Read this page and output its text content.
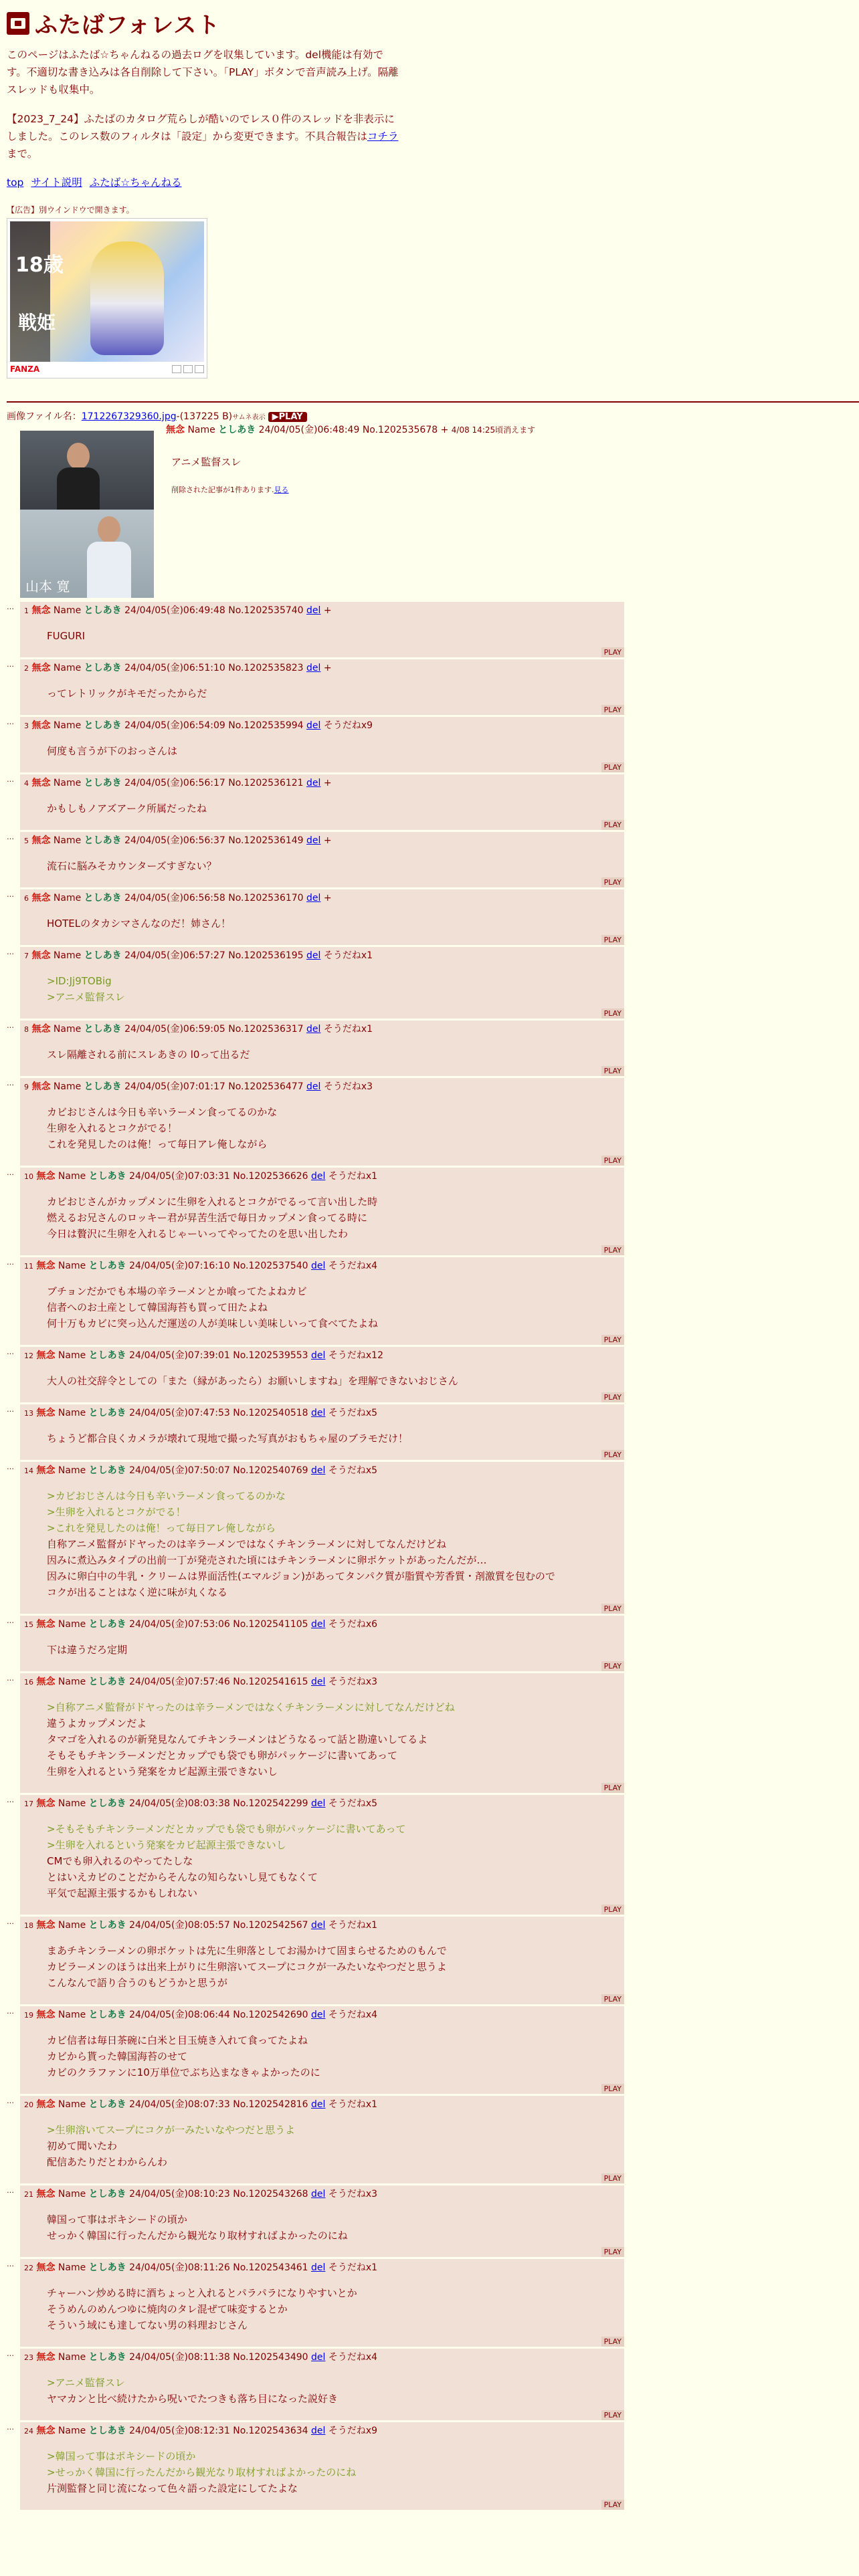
ふたばフォレスト

このページはふたば☆ちゃんねるの過去ログを収集しています。del機能は有効です。不適切な書き込みは各自削除して下さい。「PLAY」ボタンで音声読み上げ。隔離スレッドも収集中。

【2023_7_24】ふたばのカタログ荒らしが酷いのでレス０件のスレッドを非表示にしました。このレス数のフィルタは「設定」から変更できます。不具合報告はコチラまで。

top サイト説明 ふたば☆ちゃんねる
【広告】別ウインドウで開きます。
18歳
戦姫
FANZA
画像ファイル名：1712267329360.jpg-(137225 B)サムネ表示 ▶PLAY
山本 寛
無念 Name としあき 24/04/05(金)06:48:49 No.1202535678 + 4/08 14:25頃消えます
アニメ監督スレ
削除された記事が1件あります.見る
…	1 無念 Name としあき 24/04/05(金)06:49:48 No.1202535740 del +
FUGURI
PLAY
…	2 無念 Name としあき 24/04/05(金)06:51:10 No.1202535823 del +
ってレトリックがキモだったからだ
PLAY
…	3 無念 Name としあき 24/04/05(金)06:54:09 No.1202535994 del そうだねx9
何度も言うが下のおっさんは
PLAY
…	4 無念 Name としあき 24/04/05(金)06:56:17 No.1202536121 del +
かもしもノアズアーク所属だったね
PLAY
…	5 無念 Name としあき 24/04/05(金)06:56:37 No.1202536149 del +
流石に脳みそカウンターズすぎない？
PLAY
…	6 無念 Name としあき 24/04/05(金)06:56:58 No.1202536170 del +
HOTELのタカシマさんなのだ！姉さん！
PLAY
…	7 無念 Name としあき 24/04/05(金)06:57:27 No.1202536195 del そうだねx1
>ID:Jj9TOBig
>アニメ監督スレ
PLAY
…	8 無念 Name としあき 24/04/05(金)06:59:05 No.1202536317 del そうだねx1
スレ隔離される前にスレあきの l0って出るだ
PLAY
…	9 無念 Name としあき 24/04/05(金)07:01:17 No.1202536477 del そうだねx3
カビおじさんは今日も辛いラーメン食ってるのかな
生卵を入れるとコクがでる！
これを発見したのは俺！って毎日アレ俺しながら
PLAY
…	10 無念 Name としあき 24/04/05(金)07:03:31 No.1202536626 del そうだねx1
カビおじさんがカップメンに生卵を入れるとコクがでるって言い出した時
燃えるお兄さんのロッキー君が昇苦生活で毎日カップメン食ってる時に
今日は贅沢に生卵を入れるじゃーいってやってたのを思い出したわ
PLAY
…	11 無念 Name としあき 24/04/05(金)07:16:10 No.1202537540 del そうだねx4
ブチョンだかでも本場の辛ラーメンとか喰ってたよねカビ
信者へのお土産として韓国海苔も買って田たよね
何十万もカビに突っ込んだ運送の人が美味しい美味しいって食べてたよね
PLAY
…	12 無念 Name としあき 24/04/05(金)07:39:01 No.1202539553 del そうだねx12
大人の社交辞令としての「また（縁があったら）お願いしますね」を理解できないおじさん
PLAY
…	13 無念 Name としあき 24/04/05(金)07:47:53 No.1202540518 del そうだねx5
ちょうど都合良くカメラが壊れて現地で撮った写真がおもちゃ屋のブラモだけ！
PLAY
…	14 無念 Name としあき 24/04/05(金)07:50:07 No.1202540769 del そうだねx5
>カビおじさんは今日も辛いラーメン食ってるのかな
>生卵を入れるとコクがでる！
>これを発見したのは俺！って毎日アレ俺しながら
自称アニメ監督がドヤったのは辛ラーメンではなくチキンラーメンに対してなんだけどね
因みに煮込みタイプの出前一丁が発売された頃にはチキンラーメンに卵ポケットがあったんだが…
因みに卵白中の牛乳・クリームは界面活性(エマルジョン)があってタンパク質が脂質や芳香質・剤激質を包むので
コクが出ることはなく逆に味が丸くなる
PLAY
…	15 無念 Name としあき 24/04/05(金)07:53:06 No.1202541105 del そうだねx6
下は違うだろ定期
PLAY
…	16 無念 Name としあき 24/04/05(金)07:57:46 No.1202541615 del そうだねx3
>自称アニメ監督がドヤったのは辛ラーメンではなくチキンラーメンに対してなんだけどね
違うよカップメンだよ
タマゴを入れるのが新発見なんてチキンラーメンはどうなるって話と勘違いしてるよ
そもそもチキンラーメンだとカップでも袋でも卵がパッケージに書いてあって
生卵を入れるという発案をカビ起源主張できないし
PLAY
…	17 無念 Name としあき 24/04/05(金)08:03:38 No.1202542299 del そうだねx5
>そもそもチキンラーメンだとカップでも袋でも卵がパッケージに書いてあって
>生卵を入れるという発案をカビ起源主張できないし
CMでも卵入れるのやってたしな
とはいえカビのことだからそんなの知らないし見てもなくて
平気で起源主張するかもしれない
PLAY
…	18 無念 Name としあき 24/04/05(金)08:05:57 No.1202542567 del そうだねx1
まあチキンラーメンの卵ポケットは先に生卵落としてお湯かけて固まらせるためのもんで
カビラーメンのほうは出来上がりに生卵溶いてスープにコクが一みたいなやつだと思うよ
こんなんで語り合うのもどうかと思うが
PLAY
…	19 無念 Name としあき 24/04/05(金)08:06:44 No.1202542690 del そうだねx4
カビ信者は毎日茶碗に白米と目玉焼き入れて食ってたよね
カビから貰った韓国海苔のせて
カビのクラファンに10万単位でぶち込まなきゃよかったのに
PLAY
…	20 無念 Name としあき 24/04/05(金)08:07:33 No.1202542816 del そうだねx1
>生卵溶いてスープにコクが一みたいなやつだと思うよ
初めて聞いたわ
配信あたりだとわからんわ
PLAY
…	21 無念 Name としあき 24/04/05(金)08:10:23 No.1202543268 del そうだねx3
韓国って事はポキシードの頃か
せっかく韓国に行ったんだから観光なり取材すればよかったのにね
PLAY
…	22 無念 Name としあき 24/04/05(金)08:11:26 No.1202543461 del そうだねx1
チャーハン炒める時に酒ちょっと入れるとパラパラになりやすいとか
そうめんのめんつゆに焼肉のタレ混ぜて味変するとか
そういう域にも達してない男の料理おじさん
PLAY
…	23 無念 Name としあき 24/04/05(金)08:11:38 No.1202543490 del そうだねx4
>アニメ監督スレ
ヤマカンと比べ続けたから呪いでたつきも落ち目になった説好き
PLAY
…	24 無念 Name としあき 24/04/05(金)08:12:31 No.1202543634 del そうだねx9
>韓国って事はポキシードの頃か
>せっかく韓国に行ったんだから観光なり取材すればよかったのにね
片渕監督と同じ流になって色々語った設定にしてたよな
PLAY
